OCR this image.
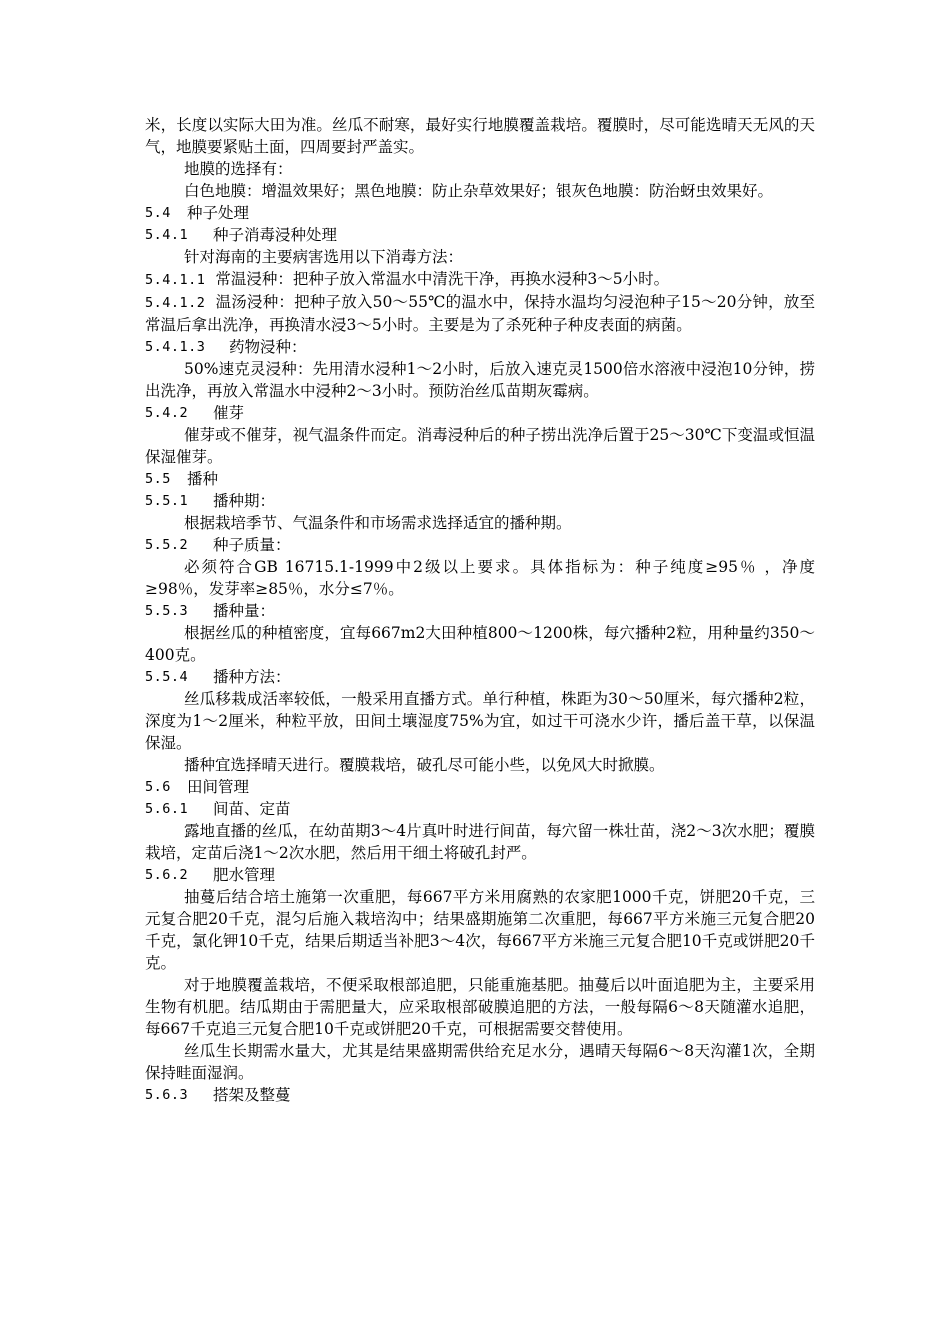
米，长度以实际大田为准。丝瓜不耐寒，最好实行地膜覆盖栽培。覆膜时，尽可能选晴天无风的天气，地膜要紧贴土面，四周要封严盖实。

地膜的选择有：

白色地膜：增温效果好；黑色地膜：防止杂草效果好；银灰色地膜：防治蚜虫效果好。

5.4	种子处理
5.4.1	种子消毒浸种处理

针对海南的主要病害选用以下消毒方法：

5.4.1.1 常温浸种：把种子放入常温水中清洗干净，再换水浸种3～5小时。

5.4.1.2 温汤浸种：把种子放入50～55℃的温水中，保持水温均匀浸泡种子15～20分钟，放至常温后拿出洗净，再换清水浸3～5小时。主要是为了杀死种子种皮表面的病菌。

5.4.1.3	药物浸种：

50%速克灵浸种：先用清水浸种1～2小时，后放入速克灵1500倍水溶液中浸泡10分钟，捞出洗净，再放入常温水中浸种2～3小时。预防治丝瓜苗期灰霉病。

5.4.2	催芽

催芽或不催芽，视气温条件而定。消毒浸种后的种子捞出洗净后置于25～30℃下变温或恒温保湿催芽。

5.5	播种
5.5.1	播种期：

根据栽培季节、气温条件和市场需求选择适宜的播种期。

5.5.2	种子质量：

必须符合GB 16715.1-1999中2级以上要求。具体指标为：种子纯度≥95％ ，净度≥98％，发芽率≥85％，水分≤7％。

5.5.3	播种量：

根据丝瓜的种植密度，宜每667m2大田种植800～1200株，每穴播种2粒，用种量约350～400克。

5.5.4	播种方法：

丝瓜移栽成活率较低，一般采用直播方式。单行种植，株距为30～50厘米，每穴播种2粒，深度为1～2厘米，种粒平放，田间土壤湿度75%为宜，如过干可浇水少许，播后盖干草，以保温保湿。

播种宜选择晴天进行。覆膜栽培，破孔尽可能小些，以免风大时掀膜。

5.6	田间管理
5.6.1	间苗、定苗

露地直播的丝瓜，在幼苗期3～4片真叶时进行间苗，每穴留一株壮苗，浇2～3次水肥；覆膜栽培，定苗后浇1～2次水肥，然后用干细土将破孔封严。

5.6.2	肥水管理

抽蔓后结合培土施第一次重肥，每667平方米用腐熟的农家肥1000千克，饼肥20千克，三元复合肥20千克，混匀后施入栽培沟中；结果盛期施第二次重肥，每667平方米施三元复合肥20千克，氯化钾10千克，结果后期适当补肥3～4次，每667平方米施三元复合肥10千克或饼肥20千克。

对于地膜覆盖栽培，不便采取根部追肥，只能重施基肥。抽蔓后以叶面追肥为主，主要采用生物有机肥。结瓜期由于需肥量大，应采取根部破膜追肥的方法，一般每隔6～8天随灌水追肥，每667千克追三元复合肥10千克或饼肥20千克，可根据需要交替使用。

丝瓜生长期需水量大，尤其是结果盛期需供给充足水分，遇晴天每隔6～8天沟灌1次，全期保持畦面湿润。

5.6.3	搭架及整蔓
